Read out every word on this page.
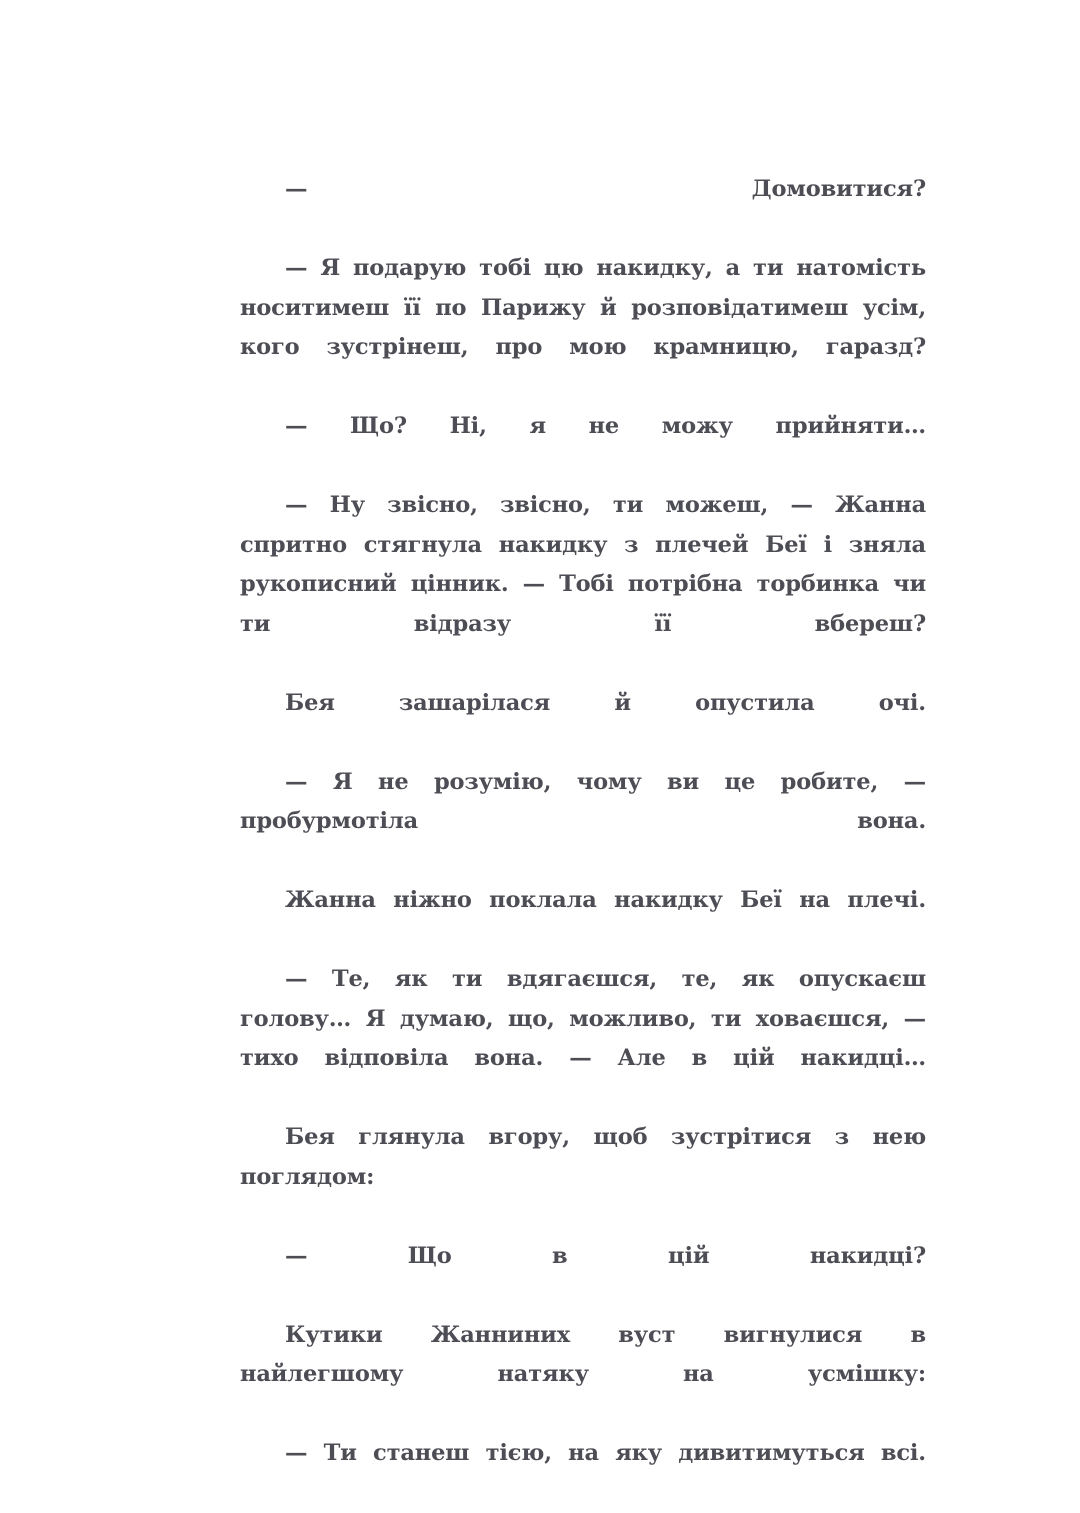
— Домовитися?

— Я подарую тобі цю накидку, а ти натомість носитимеш її по Парижу й розповідатимеш усім, кого зустрінеш, про мою крамницю, гаразд?

— Що? Ні, я не можу прийняти…

— Ну звісно, звісно, ти можеш, — Жанна спритно стягнула накидку з плечей Беї і зняла рукописний цінник. — Тобі потрібна торбинка чи ти відразу її вбереш?

Бея зашарілася й опустила очі.

— Я не розумію, чому ви це робите, — пробурмотіла вона.

Жанна ніжно поклала накидку Беї на плечі.

— Те, як ти вдягаєшся, те, як опускаєш голову… Я думаю, що, можливо, ти ховаєшся, — тихо відповіла вона. — Але в цій накидці…

Бея глянула вгору, щоб зустрітися з нею поглядом:

— Що в цій накидці?

Кутики Жанниних вуст вигнулися в найлегшому натяку на усмішку:

— Ти станеш тією, на яку дивитимуться всі.
